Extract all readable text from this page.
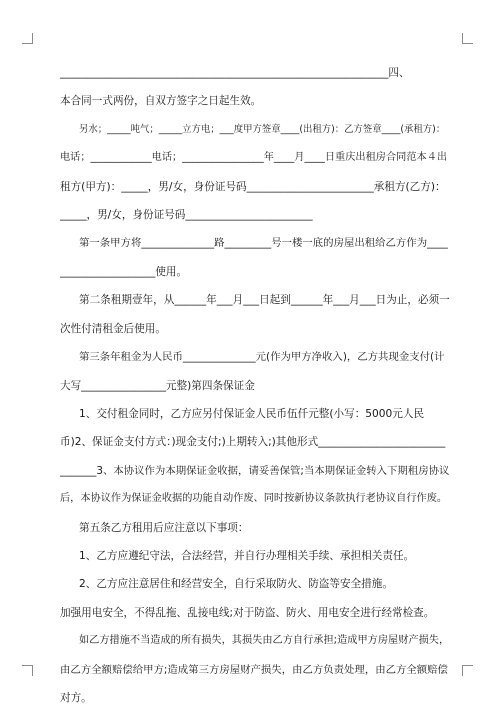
______________________________________________________________四、
本合同一式两份，自双方签字之日起生效。
另水；_____吨气；_____立方电；___度甲方签章____(出租方)：乙方签章____(承租方)：
电话；____________电话；________________年____月____日重庆出租房合同范本４出
租方(甲方)：_____，男/女，身份证号码________________________承租方(乙方)：
_____，男/女，身份证号码________________________
第一条甲方将______________路_________号一楼一底的房屋出租给乙方作为____
__________________使用。
第二条租期壹年，从______年___月___日起到______年___月___日为止，必须一
次性付清租金后使用。
第三条年租金为人民币______________元(作为甲方净收入)，乙方共现金支付(计
大写________________元整)第四条保证金
1、交付租金同时，乙方应另付保证金人民币伍仟元整(小写：5000元人民
币)2、保证金支付方式：)现金支付;)上期转入;)其他形式________________________
_______3、本协议作为本期保证金收据，请妥善保管;当本期保证金转入下期租房协议
后，本协议作为保证金收据的功能自动作废、同时按新协议条款执行老协议自行作废。
第五条乙方租用后应注意以下事项：
1、乙方应遵纪守法，合法经营，并自行办理相关手续、承担相关责任。
2、乙方应注意居住和经营安全，自行采取防火、防盗等安全措施。
加强用电安全，不得乱拖、乱接电线;对于防盗、防火、用电安全进行经常检查。
如乙方措施不当造成的所有损失，其损失由乙方自行承担;造成甲方房屋财产损失，
由乙方全额赔偿给甲方;造成第三方房屋财产损失，由乙方负责处理，由乙方全额赔偿
对方。
